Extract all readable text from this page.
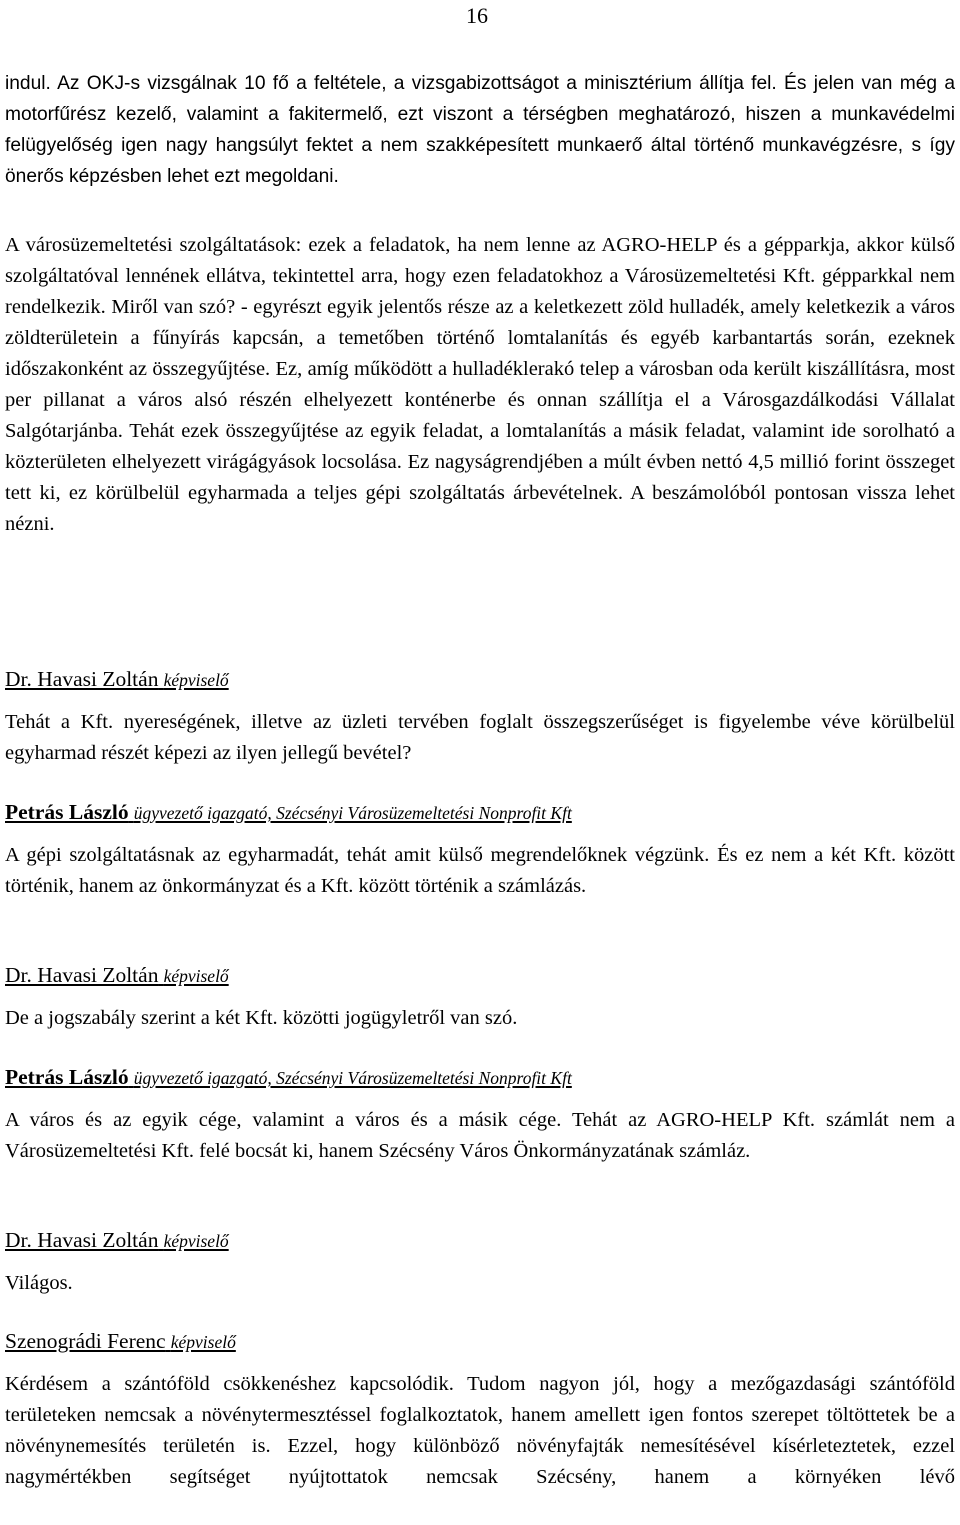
16

indul. Az OKJ-s vizsgálnak 10 fő a feltétele, a vizsgabizottságot a minisztérium állítja fel. És jelen van még a motorfűrész kezelő, valamint a fakitermelő, ezt viszont a térségben meghatározó, hiszen a munkavédelmi felügyelőség igen nagy hangsúlyt fektet a nem szakképesített munkaerő által történő munkavégzésre, s így önerős képzésben lehet ezt megoldani.

A városüzemeltetési szolgáltatások: ezek a feladatok, ha nem lenne az AGRO-HELP és a gépparkja, akkor külső szolgáltatóval lennének ellátva, tekintettel arra, hogy ezen feladatokhoz a Városüzemeltetési Kft. gépparkkal nem rendelkezik. Miről van szó? - egyrészt egyik jelentős része az a keletkezett zöld hulladék, amely keletkezik a város zöldterületein a fűnyírás kapcsán, a temetőben történő lomtalanítás és egyéb karbantartás során, ezeknek időszakonként az összegyűjtése. Ez, amíg működött a hulladéklerakó telep a városban oda került kiszállításra, most per pillanat a város alsó részén elhelyezett konténerbe és onnan szállítja el a Városgazdálkodási Vállalat Salgótarjánba. Tehát ezek összegyűjtése az egyik feladat, a lomtalanítás a másik feladat, valamint ide sorolható a közterületen elhelyezett virágágyások locsolása. Ez nagyságrendjében a múlt évben nettó 4,5 millió forint összeget tett ki, ez körülbelül egyharmada a teljes gépi szolgáltatás árbevételnek. A beszámolóból pontosan vissza lehet nézni.

Dr. Havasi Zoltán képviselő

Tehát a Kft. nyereségének, illetve az üzleti tervében foglalt összegszerűséget is figyelembe véve körülbelül egyharmad részét képezi az ilyen jellegű bevétel?

Petrás László ügyvezető igazgató, Szécsényi Városüzemeltetési Nonprofit Kft

A gépi szolgáltatásnak az egyharmadát, tehát amit külső megrendelőknek végzünk. És ez nem a két Kft. között történik, hanem az önkormányzat és a Kft. között történik a számlázás.

Dr. Havasi Zoltán képviselő

De a jogszabály szerint a két Kft. közötti jogügyletről van szó.

Petrás László ügyvezető igazgató, Szécsényi Városüzemeltetési Nonprofit Kft

A város és az egyik cége, valamint a város és a másik cége. Tehát az AGRO-HELP Kft. számlát nem a Városüzemeltetési Kft. felé bocsát ki, hanem Szécsény Város Önkormányzatának számláz.

Dr. Havasi Zoltán képviselő

Világos.

Szenográdi Ferenc képviselő

Kérdésem a szántóföld csökkenéshez kapcsolódik. Tudom nagyon jól, hogy a mezőgazdasági szántóföld területeken nemcsak a növénytermesztéssel foglalkoztatok, hanem amellett igen fontos szerepet töltöttetek be a növénynemesítés területén is. Ezzel, hogy különböző növényfajták nemesítésével kísérleteztetek, ezzel nagymértékben segítséget nyújtottatok nemcsak Szécsény, hanem a környéken lévő
